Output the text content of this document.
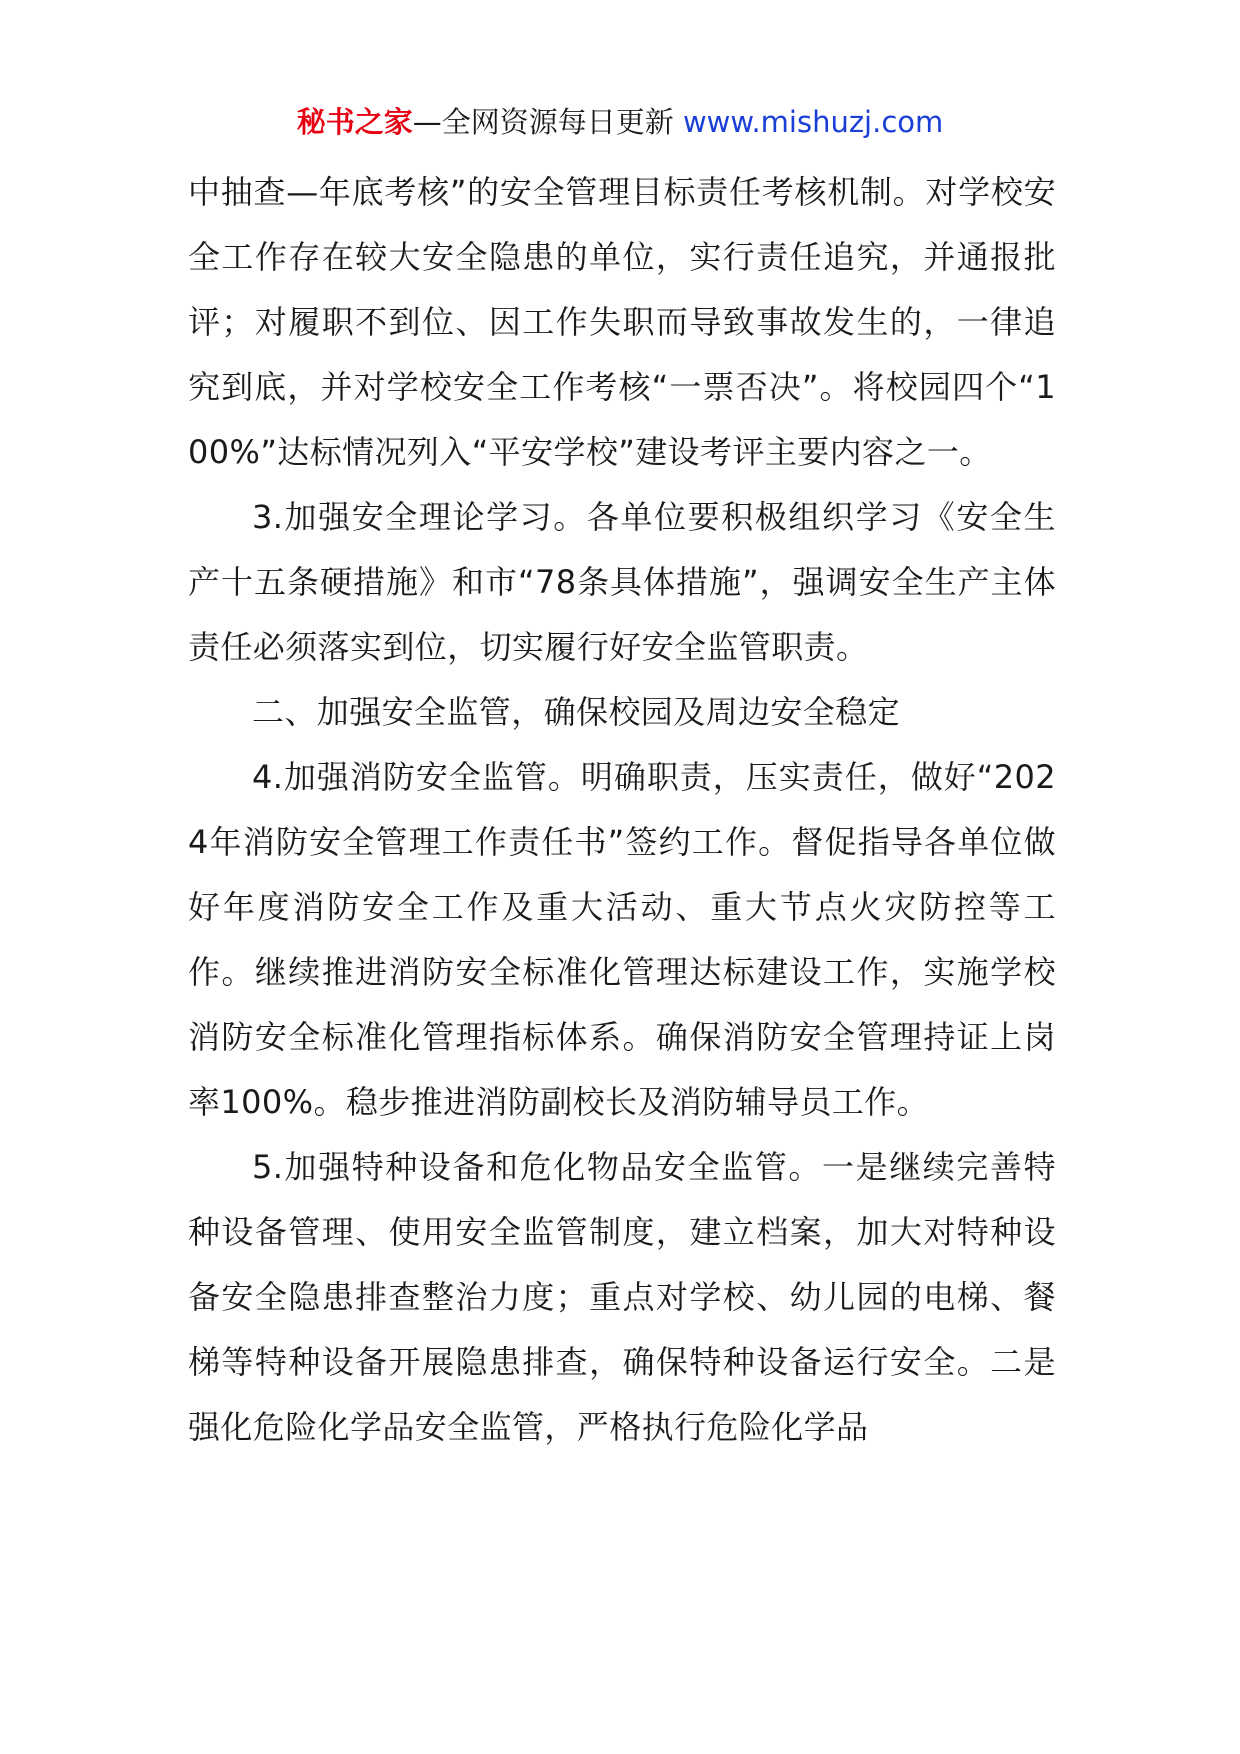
秘书之家—全网资源每日更新 www.mishuzj.com

中抽查—年底考核”的安全管理目标责任考核机制。对学校安全工作存在较大安全隐患的单位，实行责任追究，并通报批评；对履职不到位、因工作失职而导致事故发生的，一律追究到底，并对学校安全工作考核“一票否决”。将校园四个“100%”达标情况列入“平安学校”建设考评主要内容之一。

3.加强安全理论学习。各单位要积极组织学习《安全生产十五条硬措施》和市“78条具体措施”，强调安全生产主体责任必须落实到位，切实履行好安全监管职责。

二、加强安全监管，确保校园及周边安全稳定

4.加强消防安全监管。明确职责，压实责任，做好“2024年消防安全管理工作责任书”签约工作。督促指导各单位做好年度消防安全工作及重大活动、重大节点火灾防控等工作。继续推进消防安全标准化管理达标建设工作，实施学校消防安全标准化管理指标体系。确保消防安全管理持证上岗率100%。稳步推进消防副校长及消防辅导员工作。

5.加强特种设备和危化物品安全监管。一是继续完善特种设备管理、使用安全监管制度，建立档案，加大对特种设备安全隐患排查整治力度；重点对学校、幼儿园的电梯、餐梯等特种设备开展隐患排查，确保特种设备运行安全。二是强化危险化学品安全监管，严格执行危险化学品
